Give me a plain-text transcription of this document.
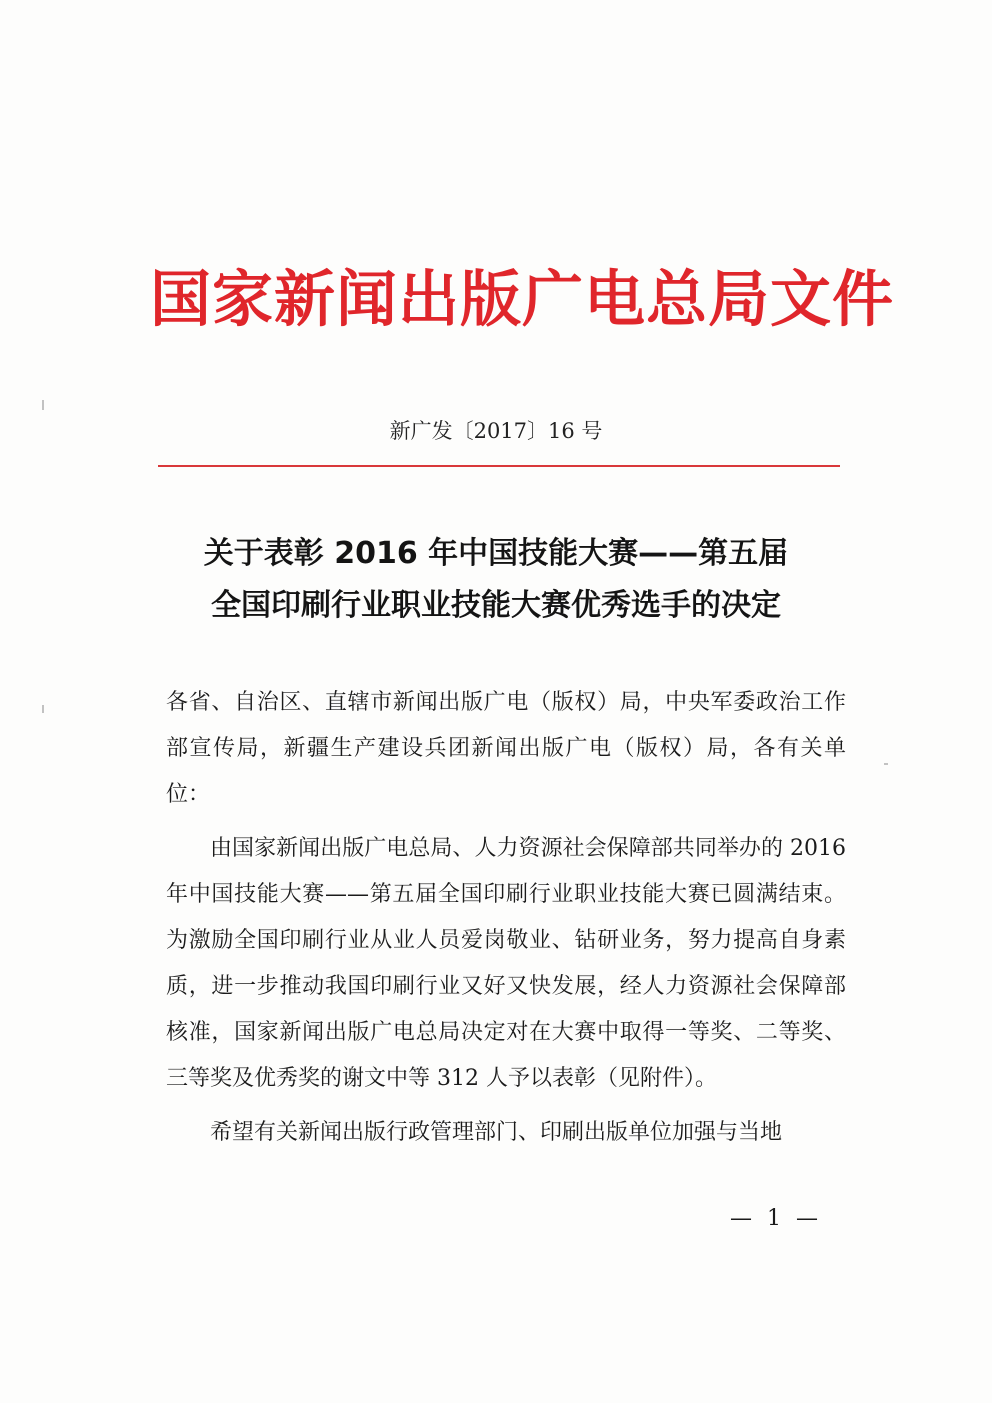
国家新闻出版广电总局文件
新广发〔2017〕16 号
关于表彰 2016 年中国技能大赛——第五届
全国印刷行业职业技能大赛优秀选手的决定

各省、自治区、直辖市新闻出版广电（版权）局，中央军委政治工作部宣传局，新疆生产建设兵团新闻出版广电（版权）局，各有关单位：

由国家新闻出版广电总局、人力资源社会保障部共同举办的 2016 年中国技能大赛——第五届全国印刷行业职业技能大赛已圆满结束。为激励全国印刷行业从业人员爱岗敬业、钻研业务，努力提高自身素质，进一步推动我国印刷行业又好又快发展，经人力资源社会保障部核准，国家新闻出版广电总局决定对在大赛中取得一等奖、二等奖、三等奖及优秀奖的谢文中等 312 人予以表彰（见附件）。

希望有关新闻出版行政管理部门、印刷出版单位加强与当地

— 1 —
